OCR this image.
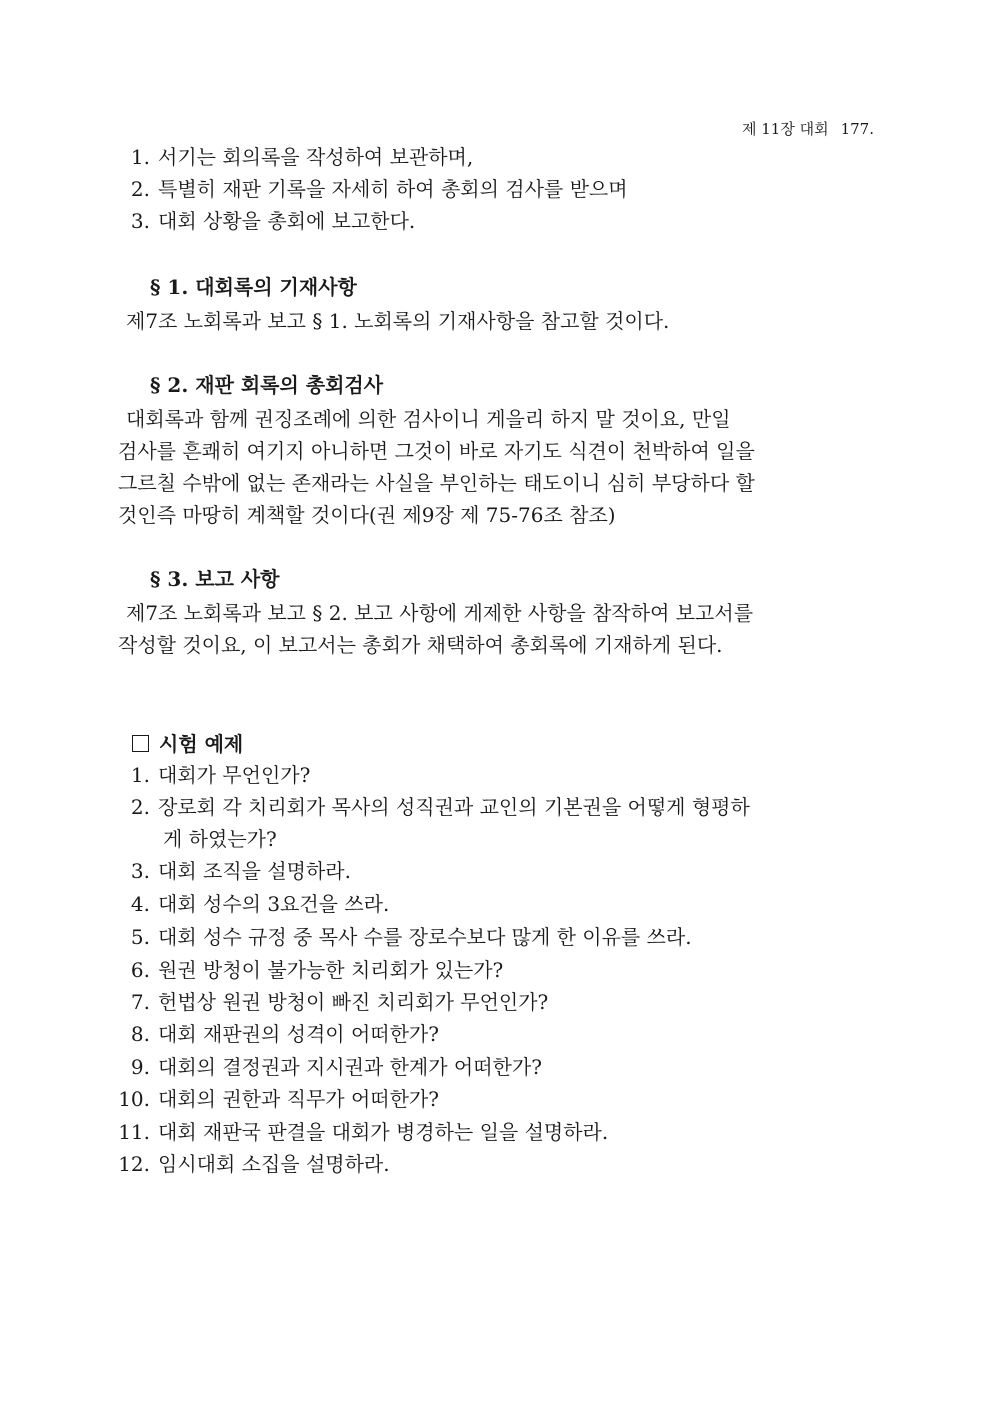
제 11장 대회 177.
1. 서기는 회의록을 작성하여 보관하며,
2. 특별히 재판 기록을 자세히 하여 총회의 검사를 받으며
3. 대회 상황을 총회에 보고한다.
§ 1. 대회록의 기재사항
제7조 노회록과 보고 § 1. 노회록의 기재사항을 참고할 것이다.
§ 2. 재판 회록의 총회검사
대회록과 함께 권징조례에 의한 검사이니 게을리 하지 말 것이요, 만일
검사를 흔쾌히 여기지 아니하면 그것이 바로 자기도 식견이 천박하여 일을
그르칠 수밖에 없는 존재라는 사실을 부인하는 태도이니 심히 부당하다 할
것인즉 마땅히 계책할 것이다(권 제9장 제 75-76조 참조)
§ 3. 보고 사항
제7조 노회록과 보고 § 2. 보고 사항에 게제한 사항을 참작하여 보고서를
작성할 것이요, 이 보고서는 총회가 채택하여 총회록에 기재하게 된다.
시험 예제
1. 대회가 무언인가?
2. 장로회 각 치리회가 목사의 성직권과 교인의 기본권을 어떻게 형평하
게 하였는가?
3. 대회 조직을 설명하라.
4. 대회 성수의 3요건을 쓰라.
5. 대회 성수 규정 중 목사 수를 장로수보다 많게 한 이유를 쓰라.
6. 원권 방청이 불가능한 치리회가 있는가?
7. 헌법상 원권 방청이 빠진 치리회가 무언인가?
8. 대회 재판권의 성격이 어떠한가?
9. 대회의 결정권과 지시권과 한계가 어떠한가?
10. 대회의 권한과 직무가 어떠한가?
11. 대회 재판국 판결을 대회가 병경하는 일을 설명하라.
12. 임시대회 소집을 설명하라.
